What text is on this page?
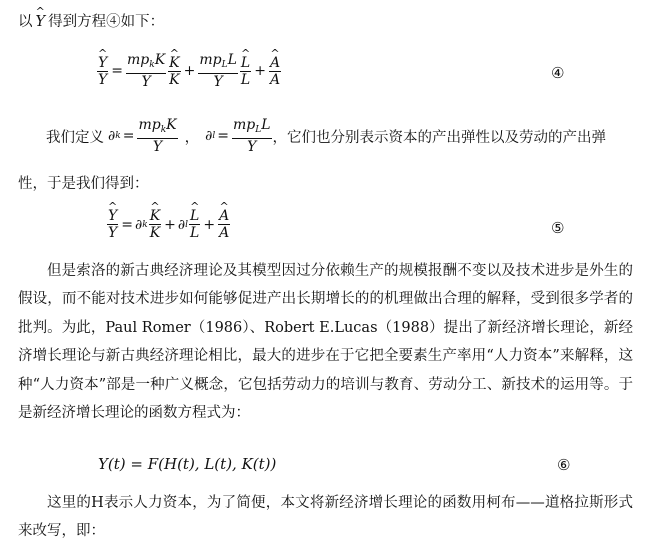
以 ^ Y 得到方程④如下：
^ $\frac{Y}{Y} = \frac{mp_kK}{Y}$ ^ $\frac{K}{K} + \frac{mp_LL}{Y}$ ^ $\frac{L}{L}$ + ^ $\frac{A}{A}$	④
我们定义 ∂ $k = \frac{mp_kK}{Y}$ ， ∂ $l = \frac{mp_LL}{Y}$ ，它们也分别表示资本的产出弹性以及劳动的产出弹
性，于是我们得到：
^ $\frac{Y}{Y}$ = ∂ k ^ $\frac{K}{K}$ + ∂ l ^ $\frac{L}{L}$ + ^ $\frac{A}{A}$	⑤
但是索洛的新古典经济理论及其模型因过分依赖生产的规模报酬不变以及技术进步是外生的假设，而不能对技术进步如何能够促进产出长期增长的的机理做出合理的解释，受到很多学者的批判。为此，Paul Romer（1986）、Robert E.Lucas（1988）提出了新经济增长理论，新经济增长理论与新古典经济理论相比，最大的进步在于它把全要素生产率用“人力资本”来解释，这种“人力资本”部是一种广义概念，它包括劳动力的培训与教育、劳动分工、新技术的运用等。于是新经济增长理论的函数方程式为：
Y(t) = F(H(t), L(t), K(t))	⑥
这里的H表示人力资本，为了简便，本文将新经济增长理论的函数用柯布——道格拉斯形式来改写，即：
